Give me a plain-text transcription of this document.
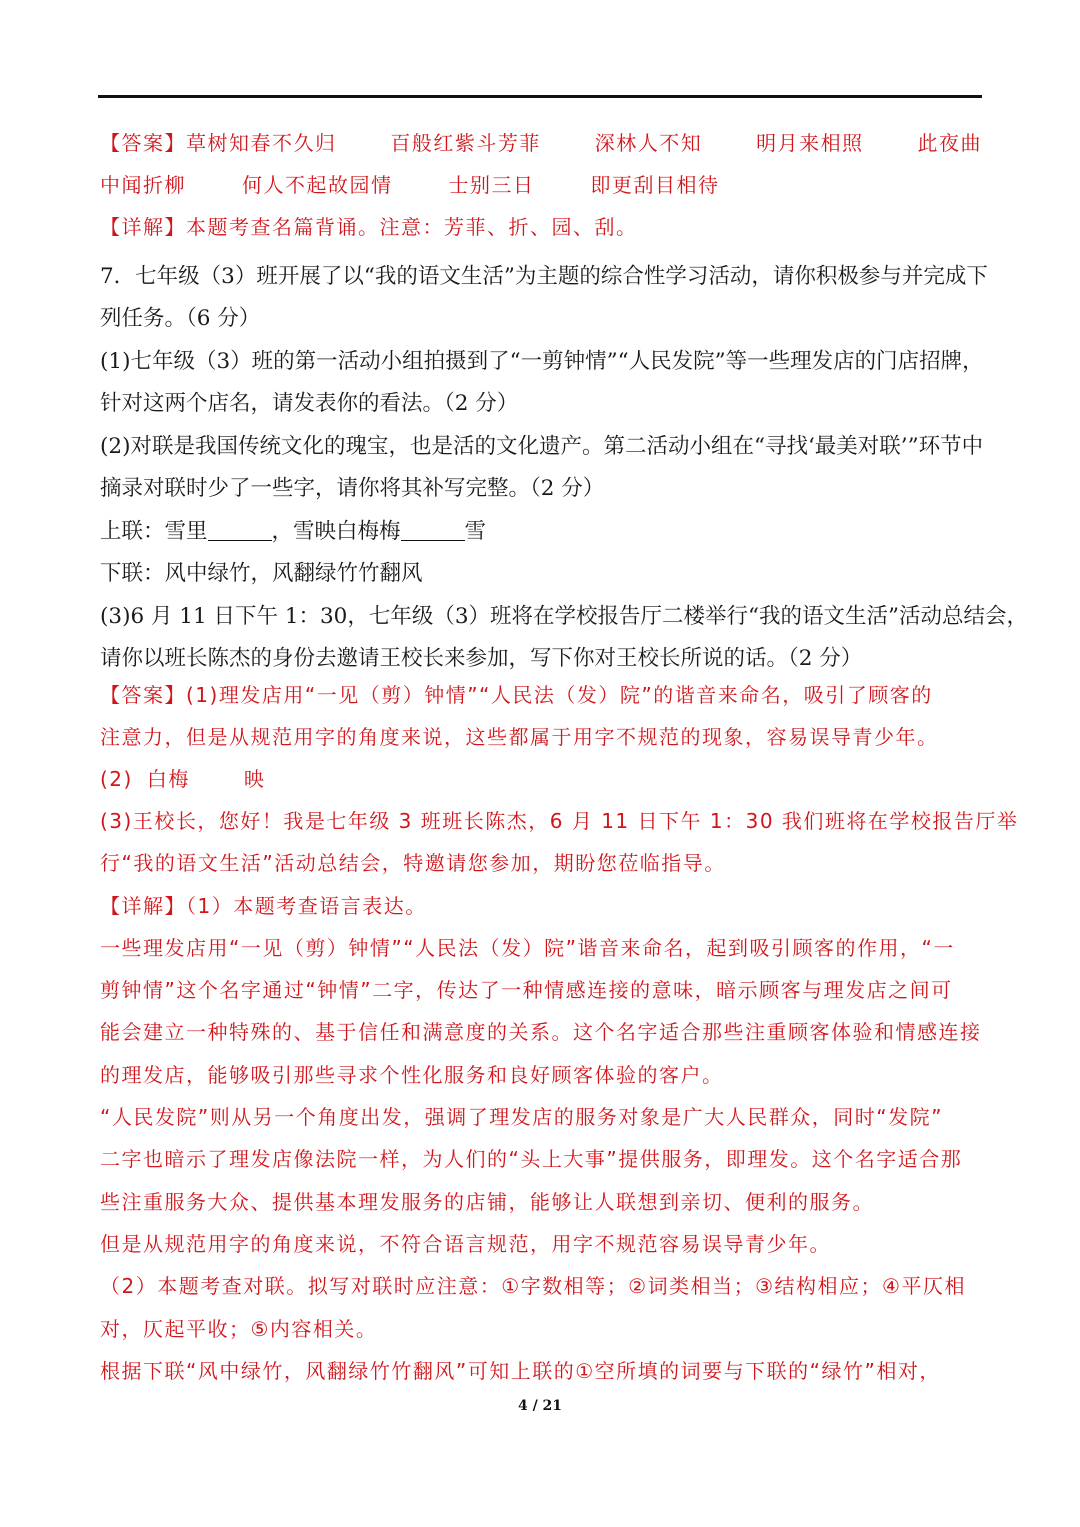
【答案】草树知春不久归	百般红紫斗芳菲	深林人不知	明月来相照	此夜曲
中闻折柳	何人不起故园情	士别三日	即更刮目相待
【详解】本题考查名篇背诵。注意：芳菲、折、园、刮。
7．七年级（3）班开展了以“我的语文生活”为主题的综合性学习活动，请你积极参与并完成下
列任务。（6 分）
(1)七年级（3）班的第一活动小组拍摄到了“一剪钟情”“人民发院”等一些理发店的门店招牌，
针对这两个店名，请发表你的看法。（2 分）
(2)对联是我国传统文化的瑰宝，也是活的文化遗产。第二活动小组在“寻找‘最美对联’”环节中
摘录对联时少了一些字，请你将其补写完整。（2 分）
上联：雪里	，雪映白梅梅	雪
下联：风中绿竹，风翻绿竹竹翻风
(3)6 月 11 日下午 1：30，七年级（3）班将在学校报告厅二楼举行“我的语文生活”活动总结会，
请你以班长陈杰的身份去邀请王校长来参加，写下你对王校长所说的话。（2 分）
【答案】(1)理发店用“一见（剪）钟情”“人民法（发）院”的谐音来命名，吸引了顾客的
注意力，但是从规范用字的角度来说，这些都属于用字不规范的现象，容易误导青少年。
(2) 白梅	映
(3)王校长，您好！我是七年级 3 班班长陈杰，6 月 11 日下午 1：30 我们班将在学校报告厅举
行“我的语文生活”活动总结会，特邀请您参加，期盼您莅临指导。
【详解】（1）本题考查语言表达。
一些理发店用“一见（剪）钟情”“人民法（发）院”谐音来命名，起到吸引顾客的作用，“一
剪钟情”这个名字通过“钟情”二字，传达了一种情感连接的意味，暗示顾客与理发店之间可
能会建立一种特殊的、基于信任和满意度的关系。这个名字适合那些注重顾客体验和情感连接
的理发店，能够吸引那些寻求个性化服务和良好顾客体验的客户。
“人民发院”则从另一个角度出发，强调了理发店的服务对象是广大人民群众，同时“发院”
二字也暗示了理发店像法院一样，为人们的“头上大事”提供服务，即理发。这个名字适合那
些注重服务大众、提供基本理发服务的店铺，能够让人联想到亲切、便利的服务。
但是从规范用字的角度来说，不符合语言规范，用字不规范容易误导青少年。
（2）本题考查对联。拟写对联时应注意：①字数相等；②词类相当；③结构相应；④平仄相
对，仄起平收；⑤内容相关。
根据下联“风中绿竹，风翻绿竹竹翻风”可知上联的①空所填的词要与下联的“绿竹”相对，
4 / 21
